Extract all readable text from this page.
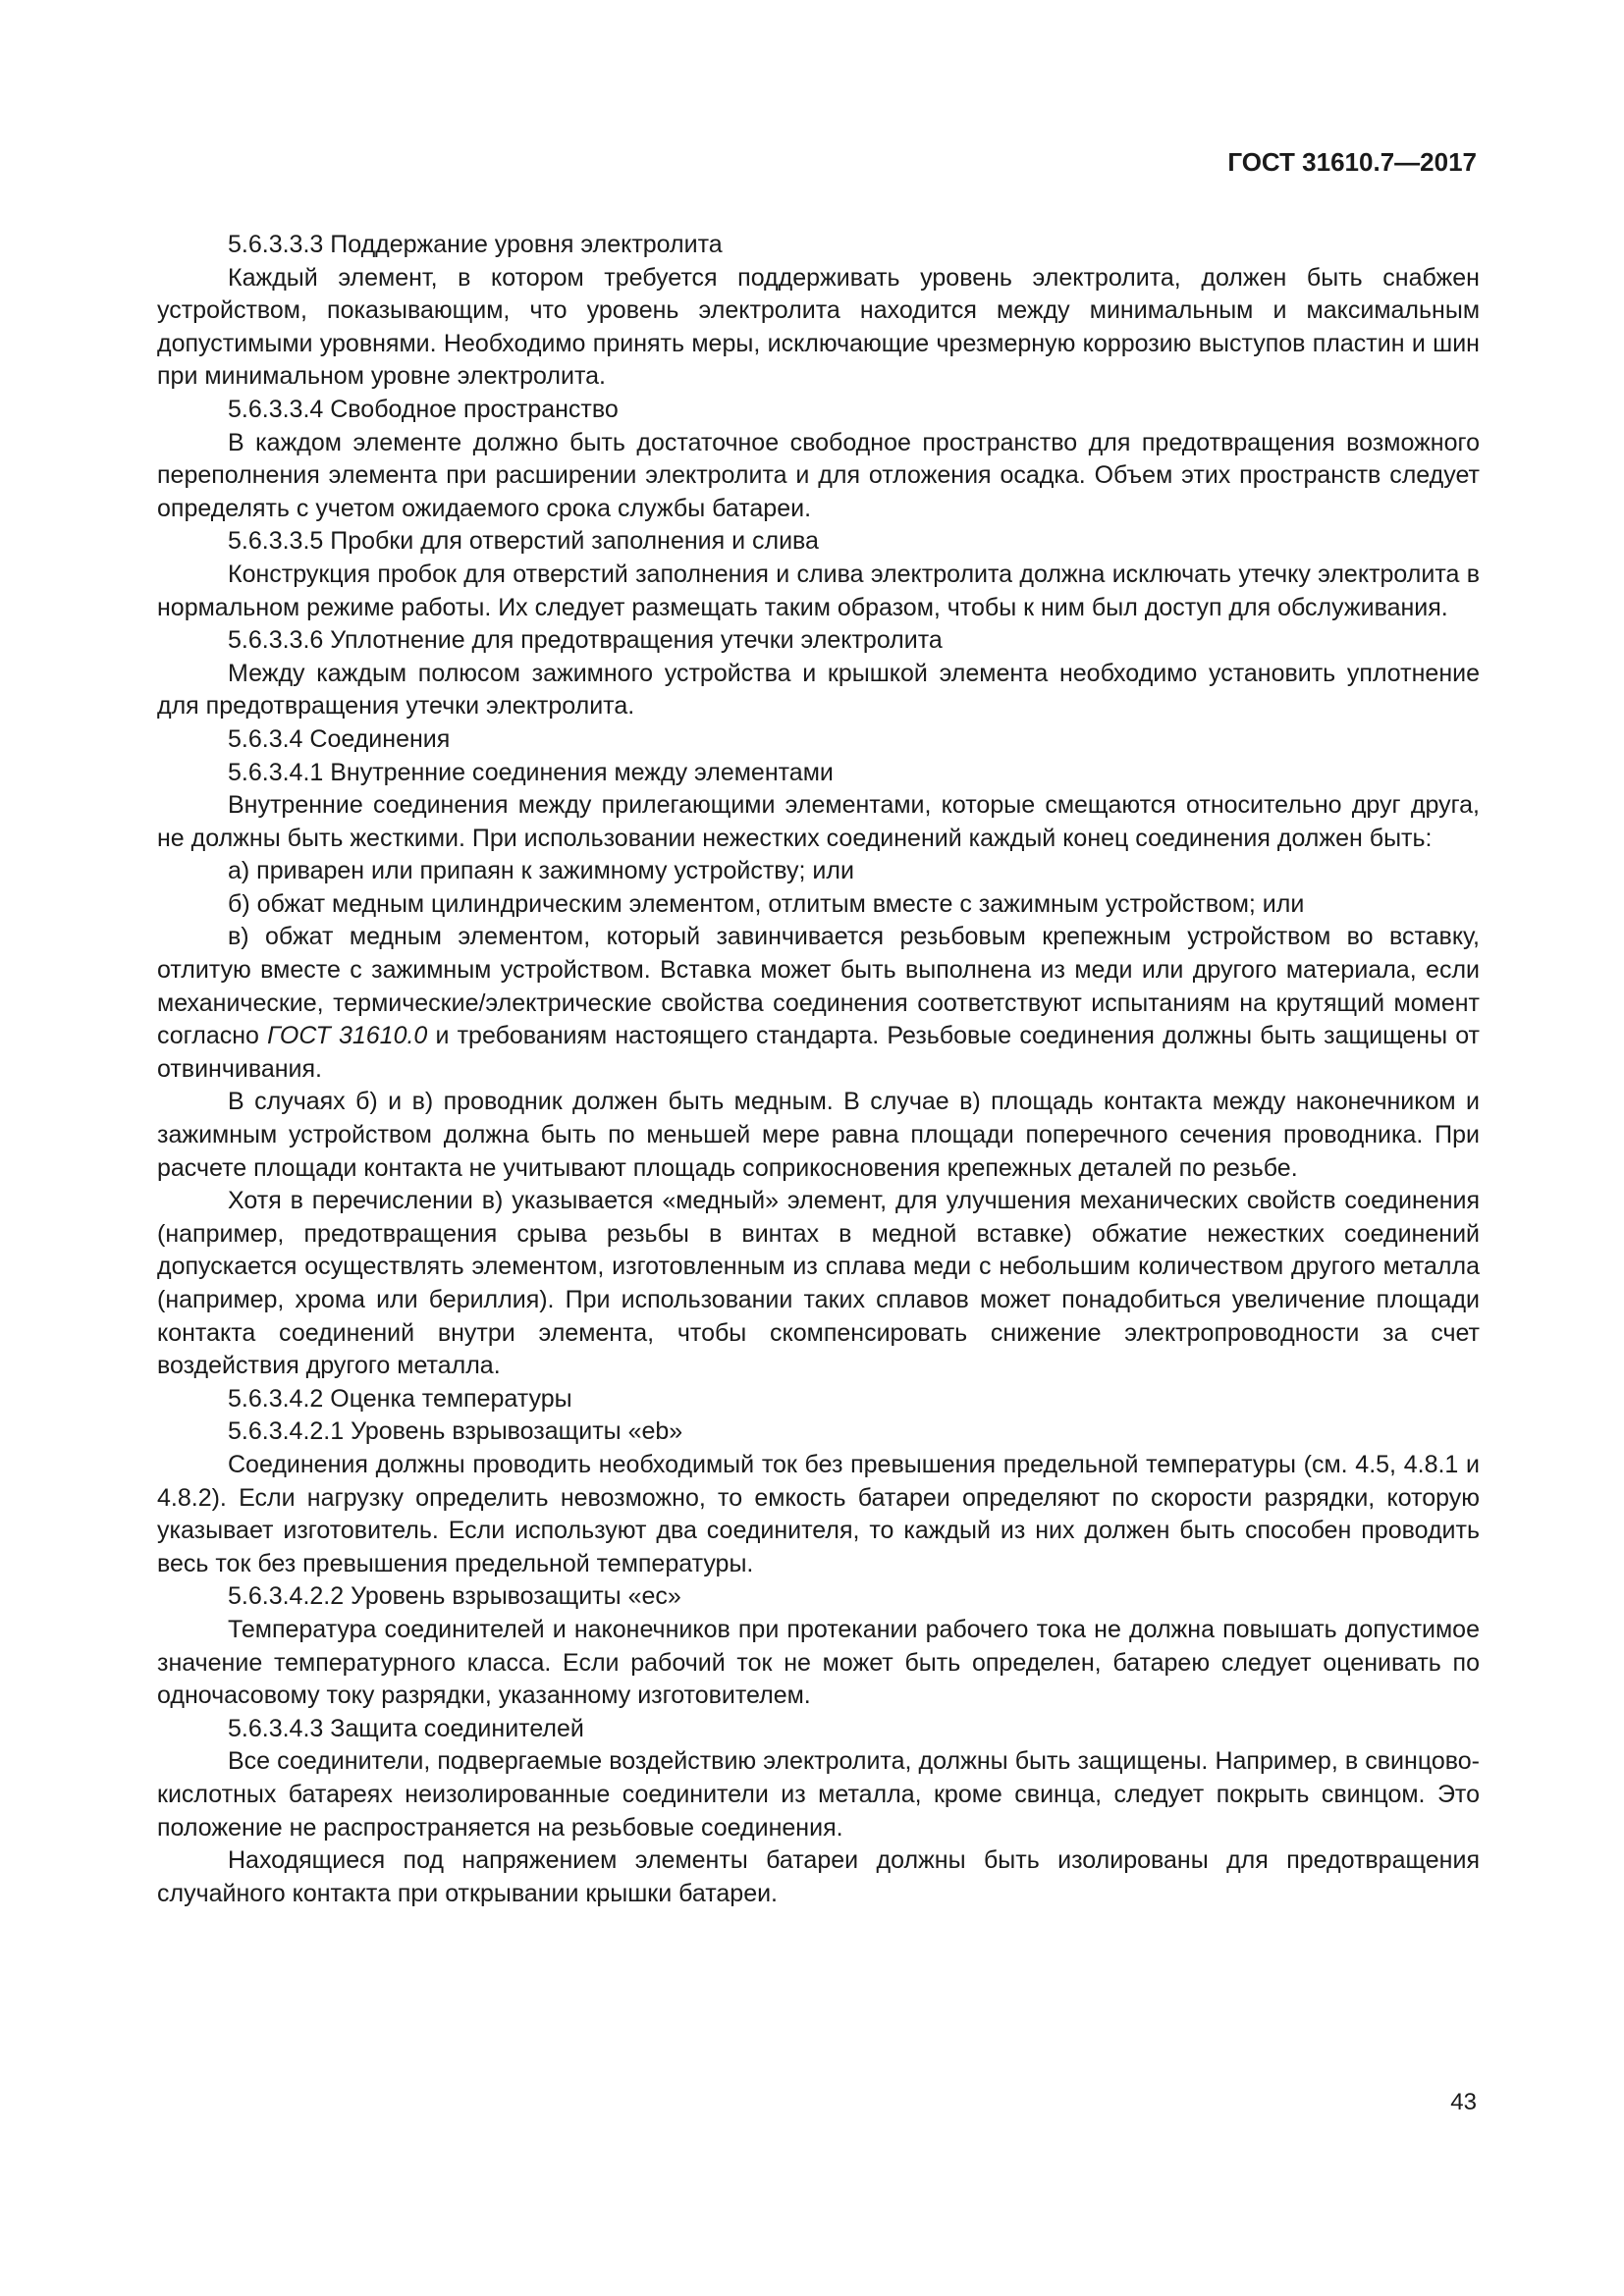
ГОСТ 31610.7—2017

5.6.3.3.3 Поддержание уровня электролита

Каждый элемент, в котором требуется поддерживать уровень электролита, должен быть снабжен устройством, показывающим, что уровень электролита находится между минимальным и максимальным допустимыми уровнями. Необходимо принять меры, исключающие чрезмерную коррозию выступов пластин и шин при минимальном уровне электролита.

5.6.3.3.4 Свободное пространство

В каждом элементе должно быть достаточное свободное пространство для предотвращения возможного переполнения элемента при расширении электролита и для отложения осадка. Объем этих пространств следует определять с учетом ожидаемого срока службы батареи.

5.6.3.3.5 Пробки для отверстий заполнения и слива

Конструкция пробок для отверстий заполнения и слива электролита должна исключать утечку электролита в нормальном режиме работы. Их следует размещать таким образом, чтобы к ним был доступ для обслуживания.

5.6.3.3.6 Уплотнение для предотвращения утечки электролита

Между каждым полюсом зажимного устройства и крышкой элемента необходимо установить уплотнение для предотвращения утечки электролита.

5.6.3.4 Соединения

5.6.3.4.1 Внутренние соединения между элементами

Внутренние соединения между прилегающими элементами, которые смещаются относительно друг друга, не должны быть жесткими. При использовании нежестких соединений каждый конец соединения должен быть:

а) приварен или припаян к зажимному устройству; или

б) обжат медным цилиндрическим элементом, отлитым вместе с зажимным устройством; или

в) обжат медным элементом, который завинчивается резьбовым крепежным устройством во вставку, отлитую вместе с зажимным устройством. Вставка может быть выполнена из меди или другого материала, если механические, термические/электрические свойства соединения соответствуют испытаниям на крутящий момент согласно ГОСТ 31610.0 и требованиям настоящего стандарта. Резьбовые соединения должны быть защищены от отвинчивания.

В случаях б) и в) проводник должен быть медным. В случае в) площадь контакта между наконечником и зажимным устройством должна быть по меньшей мере равна площади поперечного сечения проводника. При расчете площади контакта не учитывают площадь соприкосновения крепежных деталей по резьбе.

Хотя в перечислении в) указывается «медный» элемент, для улучшения механических свойств соединения (например, предотвращения срыва резьбы в винтах в медной вставке) обжатие нежестких соединений допускается осуществлять элементом, изготовленным из сплава меди с небольшим количеством другого металла (например, хрома или бериллия). При использовании таких сплавов может понадобиться увеличение площади контакта соединений внутри элемента, чтобы скомпенсировать снижение электропроводности за счет воздействия другого металла.

5.6.3.4.2 Оценка температуры

5.6.3.4.2.1 Уровень взрывозащиты «eb»

Соединения должны проводить необходимый ток без превышения предельной температуры (см. 4.5, 4.8.1 и 4.8.2). Если нагрузку определить невозможно, то емкость батареи определяют по скорости разрядки, которую указывает изготовитель. Если используют два соединителя, то каждый из них должен быть способен проводить весь ток без превышения предельной температуры.

5.6.3.4.2.2 Уровень взрывозащиты «ec»

Температура соединителей и наконечников при протекании рабочего тока не должна повышать допустимое значение температурного класса. Если рабочий ток не может быть определен, батарею следует оценивать по одночасовому току разрядки, указанному изготовителем.

5.6.3.4.3 Защита соединителей

Все соединители, подвергаемые воздействию электролита, должны быть защищены. Например, в свинцово-кислотных батареях неизолированные соединители из металла, кроме свинца, следует покрыть свинцом. Это положение не распространяется на резьбовые соединения.

Находящиеся под напряжением элементы батареи должны быть изолированы для предотвращения случайного контакта при открывании крышки батареи.

43
